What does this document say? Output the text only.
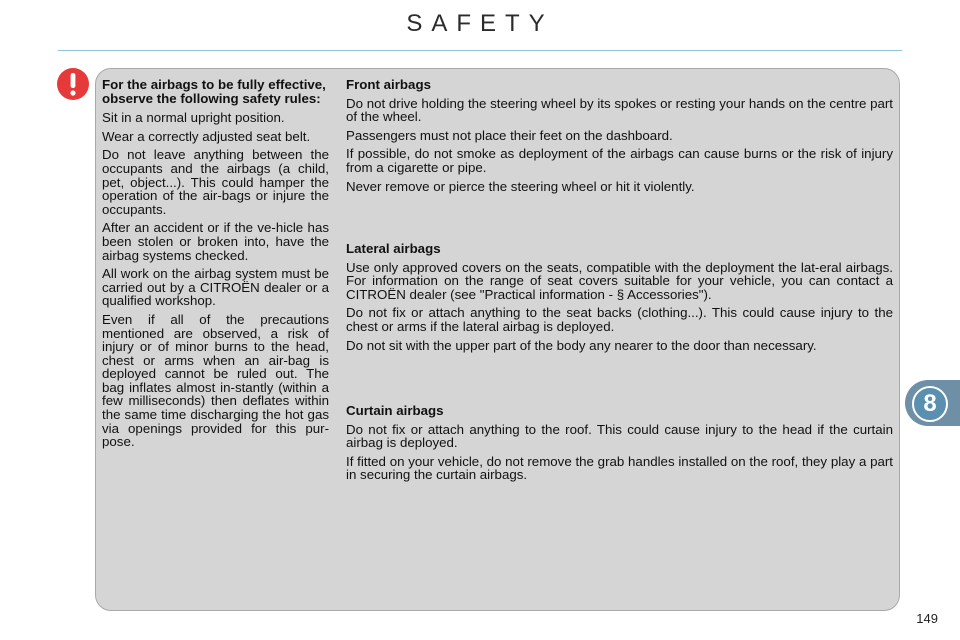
SAFETY

For the airbags to be fully effective, observe the following safety rules:

Sit in a normal upright position.

Wear a correctly adjusted seat belt.

Do not leave anything between the occupants and the airbags (a child, pet, object...). This could hamper the operation of the air-bags or injure the occupants.

After an accident or if the ve-hicle has been stolen or broken into, have the airbag systems checked.

All work on the airbag system must be carried out by a CITROËN dealer or a qualified workshop.

Even if all of the precautions mentioned are observed, a risk of injury or of minor burns to the head, chest or arms when an air-bag is deployed cannot be ruled out. The bag inflates almost in-stantly (within a few milliseconds) then deflates within the same time discharging the hot gas via openings provided for this pur-pose.

Front airbags

Do not drive holding the steering wheel by its spokes or resting your hands on the centre part of the wheel.

Passengers must not place their feet on the dashboard.

If possible, do not smoke as deployment of the airbags can cause burns or the risk of injury from a cigarette or pipe.

Never remove or pierce the steering wheel or hit it violently.

Lateral airbags

Use only approved covers on the seats, compatible with the deployment the lat-eral airbags. For information on the range of seat covers suitable for your vehicle, you can contact a CITROËN dealer (see "Practical information - § Accessories").

Do not fix or attach anything to the seat backs (clothing...). This could cause injury to the chest or arms if the lateral airbag is deployed.

Do not sit with the upper part of the body any nearer to the door than necessary.

Curtain airbags

Do not fix or attach anything to the roof. This could cause injury to the head if the curtain airbag is deployed.

If fitted on your vehicle, do not remove the grab handles installed on the roof, they play a part in securing the curtain airbags.

8
149
